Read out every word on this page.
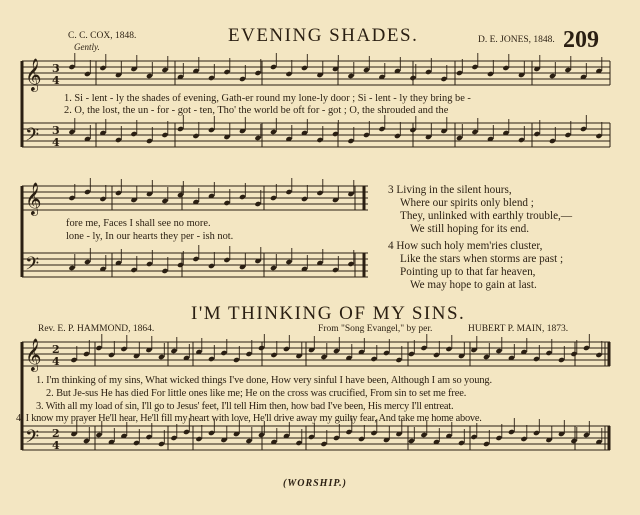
𝄞
𝄢
𝄞
𝄢
𝄞
𝄢
3
4
3
4
2
4
2
4
C. C. COX, 1848.
Gently.
EVENING SHADES.	D. E. JONES, 1848. 209
1. Si - lent - ly the shades of evening, Gath-er round my lone-ly door ; Si - lent - ly they bring be -
2. O, the lost, the un - for - got - ten, Tho' the world be oft for - got ; O, the shrouded and the
fore me, Faces I shall see no more.
lone - ly, In our hearts they per - ish not.
3 Living in the silent hours,
Where our spirits only blend ;
They, unlinked with earthly trouble,—
We still hoping for its end.
4 How such holy mem'ries cluster,
Like the stars when storms are past ;
Pointing up to that far heaven,
We may hope to gain at last.
I'M THINKING OF MY SINS.
Rev. E. P. HAMMOND, 1864.	From "Song Evangel," by per.	HUBERT P. MAIN, 1873.
1. I'm thinking of my sins, What wicked things I've done, How very sinful I have been, Although I am so young.
2. But Je-sus He has died For little ones like me; He on the cross was crucified, From sin to set me free.
3. With all my load of sin, I'll go to Jesus' feet, I'll tell Him then, how bad I've been, His mercy I'll entreat.
4. I know my prayer He'll hear, He'll fill my heart with love, He'll drive away my guilty fear, And take me home above.
(WORSHIP.)
